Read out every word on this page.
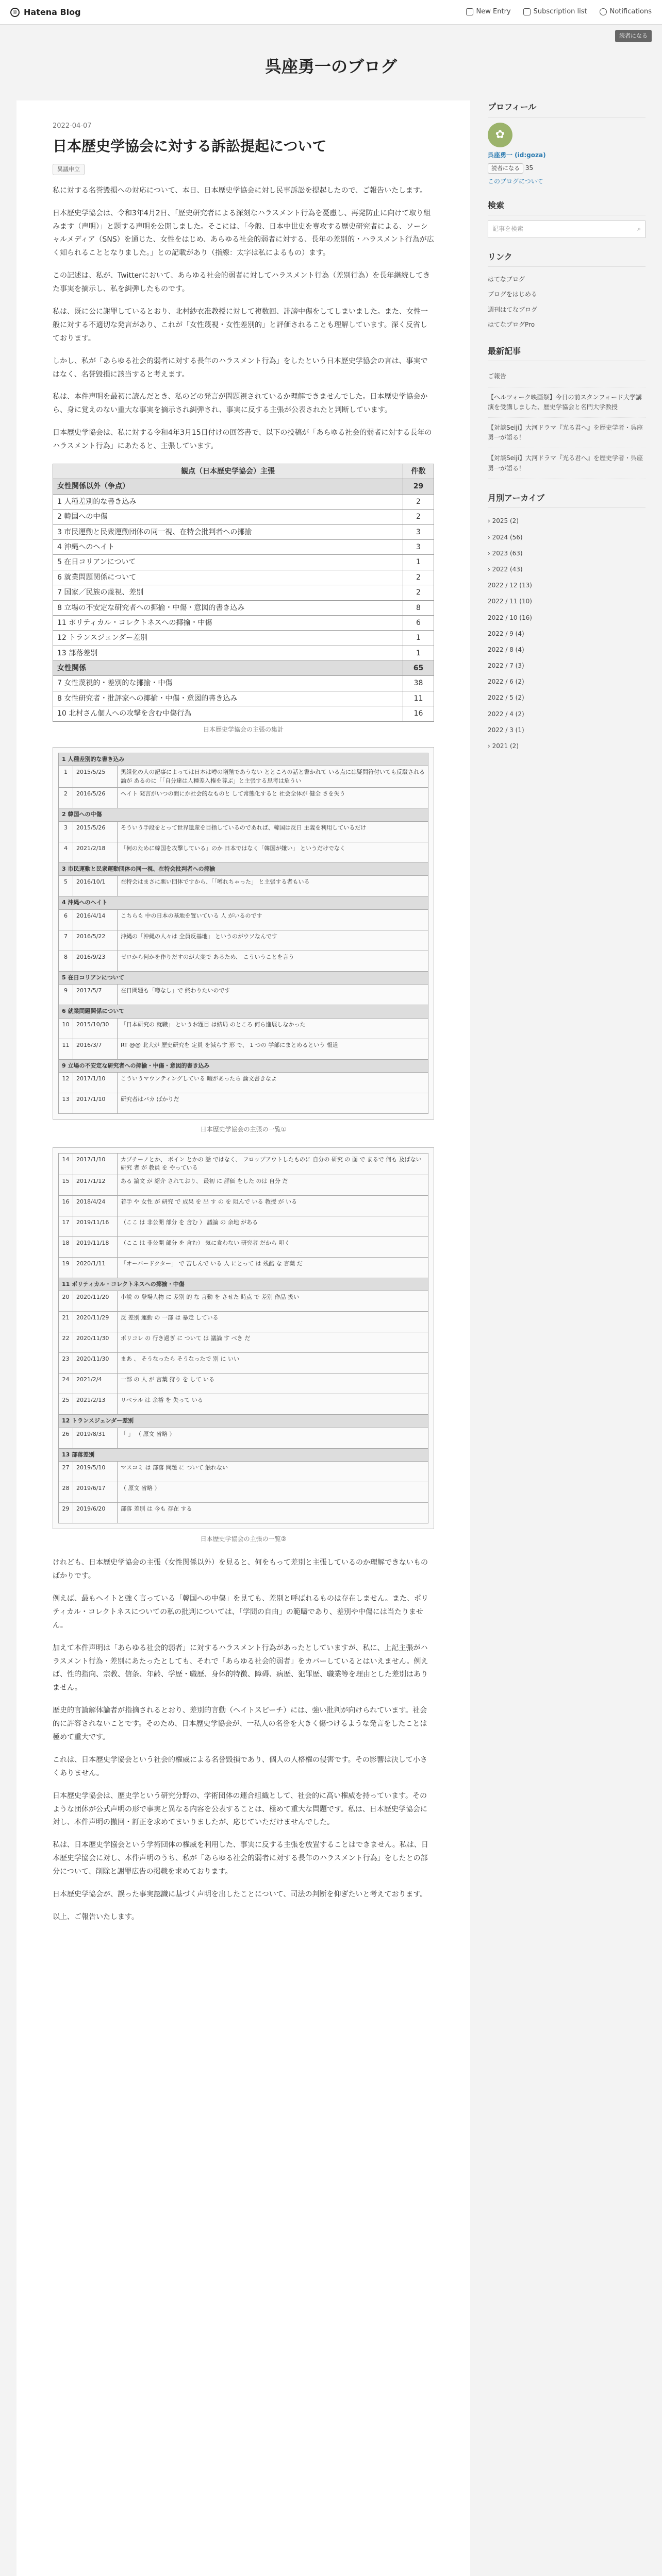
◎ Hatena Blog	New Entry	Subscription list	Notifications
読者になる
呉座勇一のブログ
2022-04-07
日本歴史学協会に対する訴訟提起について
異議申立

私に対する名誉毀損への対応について、本日、日本歴史学協会に対し民事訴訟を提起したので、ご報告いたします。

日本歴史学協会は、令和3年4月2日、「歴史研究者による深刻なハラスメント行為を憂慮し、再発防止に向けて取り組みます（声明）」と題する声明を公開しました。そこには、「今般、日本中世史を専攻する歴史研究者による、ソーシャルメディア（SNS）を通じた、女性をはじめ、あらゆる社会的弱者に対する、長年の差別的・ハラスメント行為が広く知られることとなりました。」との記載があり（指線：太字は私によるもの）ます。

この記述は、私が、Twitterにおいて、あらゆる社会的弱者に対してハラスメント行為（差別行為）を長年継続してきた事実を摘示し、私を糾弾したものです。

私は、既に公に謝罪しているとおり、北村紗衣准教授に対して複数回、誹謗中傷をしてしまいました。また、女性一般に対する不適切な発言があり、これが「女性蔑視・女性差別的」と評価されることも理解しています。深く反省しております。

しかし、私が「あらゆる社会的弱者に対する長年のハラスメント行為」をしたという日本歴史学協会の言は、事実ではなく、名誉毀損に該当すると考えます。

私は、本件声明を最初に読んだとき、私のどの発言が問題視されているか理解できませんでした。日本歴史学協会から、身に覚えのない重大な事実を摘示され糾弾され、事実に反する主張が公表されたと判断しています。

日本歴史学協会は、私に対する令和4年3月15日付けの回答書で、以下の投稿が「あらゆる社会的弱者に対する長年のハラスメント行為」にあたると、主張しています。

観点（日本歴史学協会）主張	件数
女性関係以外（争点）	29
1 人種差別的な書き込み	2
2 韓国への中傷	2
3 市民運動と民衆運動団体の同一視、在特会批判者への揶揄	3
4 沖縄へのヘイト	3
5 在日コリアンについて	1
6 就業問題関係について	2
7 国家／民族の蔑視、差別	2
8 立場の不安定な研究者への揶揄・中傷・意図的書き込み	8
11 ポリティカル・コレクトネスへの揶揄・中傷	6
12 トランスジェンダー差別	1
13 部落差別	1
女性関係	65
7 女性蔑視的・差別的な揶揄・中傷	38
8 女性研究者・批評家への揶揄・中傷・意図的書き込み	11
10 北村さん個人への攻撃を含む中傷行為	16
日本歴史学協会の主張の集計
1 人種差別的な書き込み		
1	2015/5/25	黒組化の人の記事によっては日本は噂の増殖であうない とところの話と書かれて いる点には疑問符付いても反駁される論が あるのに「「自分達は人種差入権を尊ぶ」と主張する思考は危うい
2	2016/5/26	ヘイト 発言がいつの間にか社会的なものと して常態化すると 社会全体が 健全 さを失う
2 韓国への中傷		
3	2015/5/26	そういう手段をとって世界遺産を目指しているのであれば、韓国は反日 主義を利用しているだけ
4	2021/2/18	「何のために韓国を攻撃している」のか 日本ではなく「韓国が嫌い」 というだけでなく
3 市民運動と民衆運動団体の同一視、在特会批判者への揶揄		
5	2016/10/1	在特会はまさに悪い団体ですから、「「噂れちゃった」 と主張する者もいる
4 沖縄へのヘイト		
6	2016/4/14	こちらも 中の日本の基地を置いている 人 がいるのです
7	2016/5/22	沖縄の「沖縄の人々は 全員反基地」 というのがウソなんです
8	2016/9/23	ゼロから何かを作りだすのが大変で あるため、 こういうことを言う
5 在日コリアンについて		
9	2017/5/7	在日問題も「噂なし」で 終わりたいのです
6 就業問題関係について		
10	2015/10/30	「日本研究の 就職」 というお題目 は結局 のところ 何ら進展しなかった
11	2016/3/7	RT @@ 北大が 歴史研究を 定員 を減らす 形 で、 1 つの 学部にまとめるという 報道
9 立場の不安定な研究者への揶揄・中傷・意図的書き込み		
12	2017/1/10	こういうマウンティングしている 暇があったら 論文書きなよ
13	2017/1/10	研究者はバカ ばかりだ
日本歴史学協会の主張の一覧①
14	2017/1/10	カプチーノとか、 ボイン とかの 話 ではなく、 フロップアウトしたものに 自分の 研究 の 面 で まるで 何も 及ばない 研究 者 が 教員 を やっている
15	2017/1/12	ある 論文 が 紹介 されており、 最初 に 評価 をした のは 自分 だ
16	2018/4/24	若手 や 女性 が 研究 で 成果 を 出 す の を 阻んで いる 教授 が いる
17	2019/11/16	（ここ は 非公開 部分 を 含む ） 議論 の 余地 がある
18	2019/11/18	（ここ は 非公開 部分 を 含む） 気に食わない 研究者 だから 叩く
19	2020/1/11	「オーバードクター」 で 苦しんで いる 人 にとって は 残酷 な 言葉 だ
11 ポリティカル・コレクトネスへの揶揄・中傷		
20	2020/11/20	小説 の 登場人物 に 差別 的 な 言動 を させた 時点 で 差別 作品 扱い
21	2020/11/29	反 差別 運動 の 一部 は 暴走 している
22	2020/11/30	ポリコレ の 行き過ぎ に ついて は 議論 す べき だ
23	2020/11/30	まあ 、 そうなったら そうなったで 別 に いい
24	2021/2/4	一部 の 人 が 言葉 狩り を して いる
25	2021/2/13	リベラル は 余裕 を 失って いる
12 トランスジェンダー差別		
26	2019/8/31	「 」 （ 原文 省略 ）
13 部落差別		
27	2019/5/10	マスコミ は 部落 問題 に ついて 触れない
28	2019/6/17	（ 原文 省略 ）
29	2019/6/20	部落 差別 は 今も 存在 する
日本歴史学協会の主張の一覧②

けれども、日本歴史学協会の主張（女性関係以外）を見ると、何をもって差別と主張しているのか理解できないものばかりです。

例えば、最もヘイトと強く言っている「韓国への中傷」を見ても、差別と呼ばれるものは存在しません。また、ポリティカル・コレクトネスについての私の批判については、「学問の自由」の範疇であり、差別や中傷には当たりません。

加えて本件声明は「あらゆる社会的弱者」に対するハラスメント行為があったとしていますが、私に、上記主張がハラスメント行為・差別にあたったとしても、それで「あらゆる社会的弱者」をカバーしているとはいえません。例えば、性的指向、宗教、信条、年齢、学歴・職歴、身体的特徴、障碍、病歴、犯罪歴、職業等を理由とした差別はありません。

歴史的言論解体論者が指摘されるとおり、差別的言動（ヘイトスピーチ）には、強い批判が向けられています。社会的に許容されないことです。そのため、日本歴史学協会が、一私人の名誉を大きく傷つけるような発言をしたことは極めて重大です。

これは、日本歴史学協会という社会的権威による名誉毀損であり、個人の人格権の侵害です。その影響は決して小さくありません。

日本歴史学協会は、歴史学という研究分野の、学術団体の連合組織として、社会的に高い権威を持っています。そのような団体が公式声明の形で事実と異なる内容を公表することは、極めて重大な問題です。私は、日本歴史学協会に対し、本件声明の撤回・訂正を求めてまいりましたが、応じていただけませんでした。

私は、日本歴史学協会という学術団体の権威を利用した、事実に反する主張を放置することはできません。私は、日本歴史学協会に対し、本件声明のうち、私が「あらゆる社会的弱者に対する長年のハラスメント行為」をしたとの部分について、削除と謝罪広告の掲載を求めております。

日本歴史学協会が、誤った事実認識に基づく声明を出したことについて、司法の判断を仰ぎたいと考えております。

以上、ご報告いたします。

プロフィール
✿
呉座勇一 (id:goza)
読者になる 35
このブログについて
検索
記事を検索	⌕
リンク
はてなブログ
ブログをはじめる
週刊はてなブログ
はてなブログPro
最新記事
ご報告
【ヘルツォーク映画祭】今日の前スタンフォード大学講演を受講しました、歴史学協会と名門大学教授
【対談Seiji】大河ドラマ『光る君へ』を歴史学者・呉座勇一が語る！
【対談Seiji】大河ドラマ『光る君へ』を歴史学者・呉座勇一が語る！
月別アーカイブ
› 2025 (2)
› 2024 (56)
› 2023 (63)
› 2022 (43)
2022 / 12 (13)
2022 / 11 (10)
2022 / 10 (16)
2022 / 9 (4)
2022 / 8 (4)
2022 / 7 (3)
2022 / 6 (2)
2022 / 5 (2)
2022 / 4 (2)
2022 / 3 (1)
› 2021 (2)
